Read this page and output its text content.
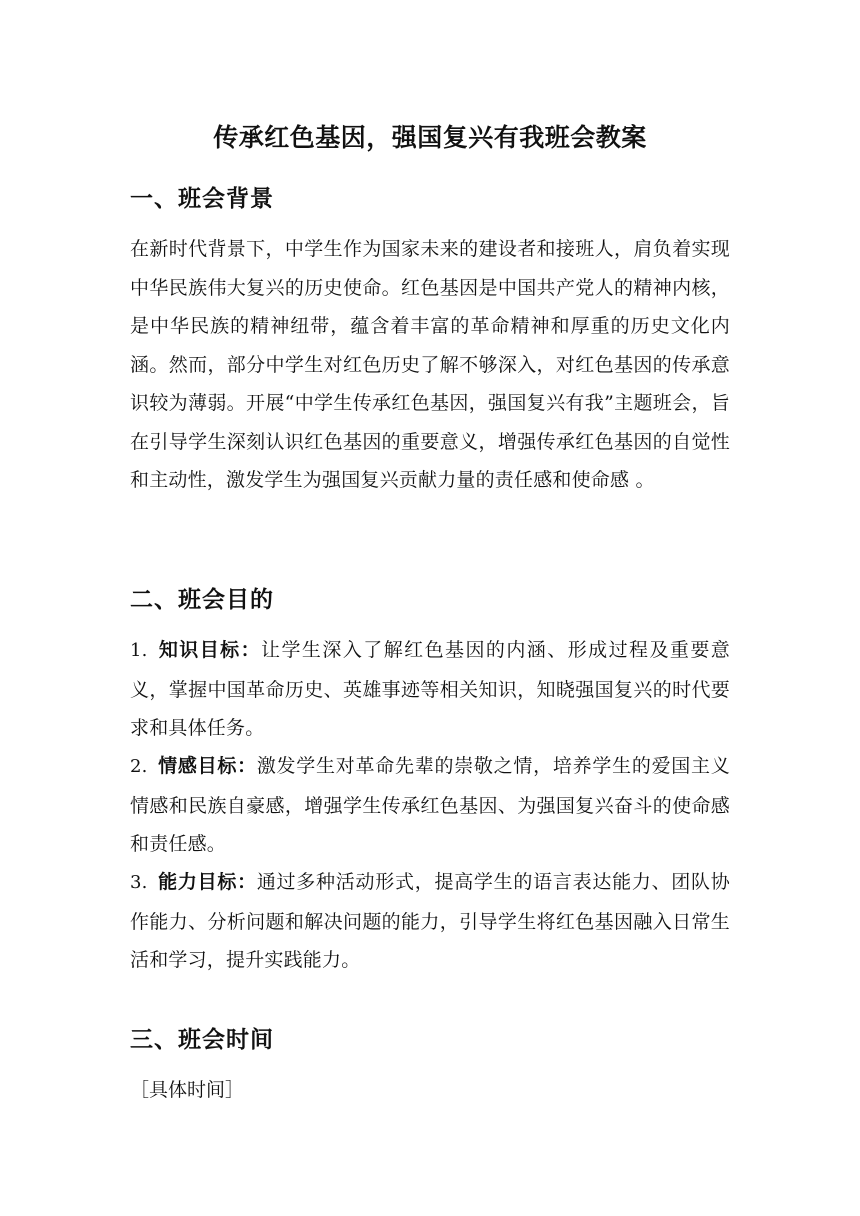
传承红色基因，强国复兴有我班会教案
一、班会背景
在新时代背景下，中学生作为国家未来的建设者和接班人，肩负着实现中华民族伟大复兴的历史使命。红色基因是中国共产党人的精神内核，是中华民族的精神纽带，蕴含着丰富的革命精神和厚重的历史文化内涵。然而，部分中学生对红色历史了解不够深入，对红色基因的传承意识较为薄弱。开展“中学生传承红色基因，强国复兴有我”主题班会，旨在引导学生深刻认识红色基因的重要意义，增强传承红色基因的自觉性和主动性，激发学生为强国复兴贡献力量的责任感和使命感 。
二、班会目的
1. 知识目标：让学生深入了解红色基因的内涵、形成过程及重要意义，掌握中国革命历史、英雄事迹等相关知识，知晓强国复兴的时代要求和具体任务。
2. 情感目标：激发学生对革命先辈的崇敬之情，培养学生的爱国主义情感和民族自豪感，增强学生传承红色基因、为强国复兴奋斗的使命感和责任感。
3. 能力目标：通过多种活动形式，提高学生的语言表达能力、团队协作能力、分析问题和解决问题的能力，引导学生将红色基因融入日常生活和学习，提升实践能力。
三、班会时间
［具体时间］
